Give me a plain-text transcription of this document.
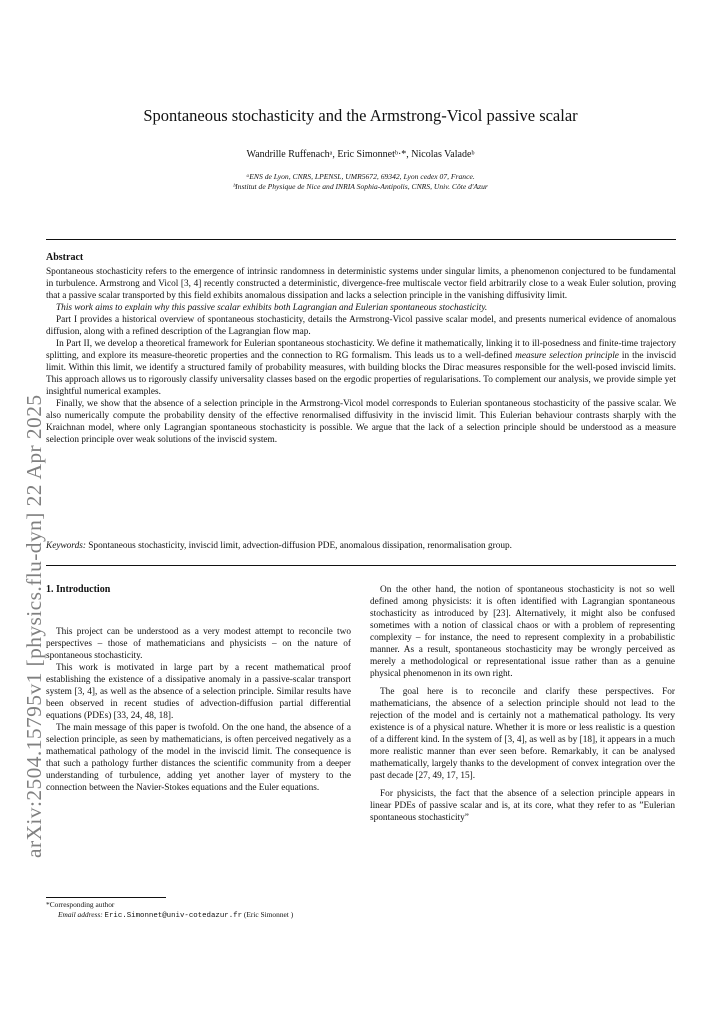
arXiv:2504.15795v1 [physics.flu-dyn] 22 Apr 2025
Spontaneous stochasticity and the Armstrong-Vicol passive scalar
Wandrille Ruffenachᵃ, Eric Simonnetᵇ·*, Nicolas Valadeᵇ
ᵃENS de Lyon, CNRS, LPENSL, UMR5672, 69342, Lyon cedex 07, France.
ᵇInstitut de Physique de Nice and INRIA Sophia-Antipolis, CNRS, Univ. Côte d'Azur
Abstract

Spontaneous stochasticity refers to the emergence of intrinsic randomness in deterministic systems under singular limits, a phenomenon conjectured to be fundamental in turbulence. Armstrong and Vicol [3, 4] recently constructed a deterministic, divergence-free multiscale vector field arbitrarily close to a weak Euler solution, proving that a passive scalar transported by this field exhibits anomalous dissipation and lacks a selection principle in the vanishing diffusivity limit.

This work aims to explain why this passive scalar exhibits both Lagrangian and Eulerian spontaneous stochasticity.

Part I provides a historical overview of spontaneous stochasticity, details the Armstrong-Vicol passive scalar model, and presents numerical evidence of anomalous diffusion, along with a refined description of the Lagrangian flow map.

In Part II, we develop a theoretical framework for Eulerian spontaneous stochasticity. We define it mathematically, linking it to ill-posedness and finite-time trajectory splitting, and explore its measure-theoretic properties and the connection to RG formalism. This leads us to a well-defined measure selection principle in the inviscid limit. Within this limit, we identify a structured family of probability measures, with building blocks the Dirac measures responsible for the well-posed inviscid limits. This approach allows us to rigorously classify universality classes based on the ergodic properties of regularisations. To complement our analysis, we provide simple yet insightful numerical examples.

Finally, we show that the absence of a selection principle in the Armstrong-Vicol model corresponds to Eulerian spontaneous stochasticity of the passive scalar. We also numerically compute the probability density of the effective renormalised diffusivity in the inviscid limit. This Eulerian behaviour contrasts sharply with the Kraichnan model, where only Lagrangian spontaneous stochasticity is possible. We argue that the lack of a selection principle should be understood as a measure selection principle over weak solutions of the inviscid system.

Keywords: Spontaneous stochasticity, inviscid limit, advection-diffusion PDE, anomalous dissipation, renormalisation group.
1. Introduction

This project can be understood as a very modest attempt to reconcile two perspectives – those of mathematicians and physicists – on the nature of spontaneous stochasticity.

This work is motivated in large part by a recent mathematical proof establishing the existence of a dissipative anomaly in a passive-scalar transport system [3, 4], as well as the absence of a selection principle. Similar results have been observed in recent studies of advection-diffusion partial differential equations (PDEs) [33, 24, 48, 18].

The main message of this paper is twofold. On the one hand, the absence of a selection principle, as seen by mathematicians, is often perceived negatively as a mathematical pathology of the model in the inviscid limit. The consequence is that such a pathology further distances the scientific community from a deeper understanding of turbulence, adding yet another layer of mystery to the connection between the Navier-Stokes equations and the Euler equations.

*Corresponding author
Email address: Eric.Simonnet@univ-cotedazur.fr (Eric Simonnet )

On the other hand, the notion of spontaneous stochasticity is not so well defined among physicists: it is often identified with Lagrangian spontaneous stochasticity as introduced by [23]. Alternatively, it might also be confused sometimes with a notion of classical chaos or with a problem of representing complexity – for instance, the need to represent complexity in a probabilistic manner. As a result, spontaneous stochasticity may be wrongly perceived as merely a methodological or representational issue rather than as a genuine physical phenomenon in its own right.

The goal here is to reconcile and clarify these perspectives. For mathematicians, the absence of a selection principle should not lead to the rejection of the model and is certainly not a mathematical pathology. Its very existence is of a physical nature. Whether it is more or less realistic is a question of a different kind. In the system of [3, 4], as well as by [18], it appears in a much more realistic manner than ever seen before. Remarkably, it can be analysed mathematically, largely thanks to the development of convex integration over the past decade [27, 49, 17, 15].

For physicists, the fact that the absence of a selection principle appears in linear PDEs of passive scalar and is, at its core, what they refer to as ”Eulerian spontaneous stochasticity”
